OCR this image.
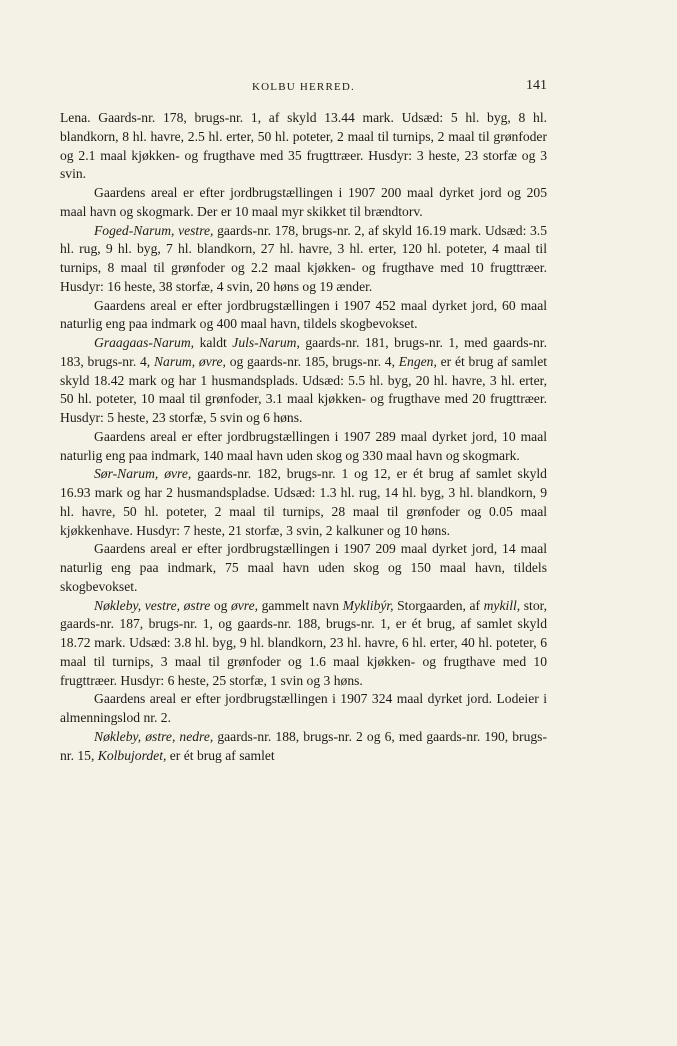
KOLBU HERRED.	141

Lena. Gaards-nr. 178, brugs-nr. 1, af skyld 13.44 mark. Udsæd: 5 hl. byg, 8 hl. blandkorn, 8 hl. havre, 2.5 hl. erter, 50 hl. poteter, 2 maal til turnips, 2 maal til grønfoder og 2.1 maal kjøkken- og frugthave med 35 frugttræer. Husdyr: 3 heste, 23 storfæ og 3 svin.

Gaardens areal er efter jordbrugstællingen i 1907 200 maal dyrket jord og 205 maal havn og skogmark. Der er 10 maal myr skikket til brændtorv.

Foged-Narum, vestre, gaards-nr. 178, brugs-nr. 2, af skyld 16.19 mark. Udsæd: 3.5 hl. rug, 9 hl. byg, 7 hl. blandkorn, 27 hl. havre, 3 hl. erter, 120 hl. poteter, 4 maal til turnips, 8 maal til grønfoder og 2.2 maal kjøkken- og frugthave med 10 frugttræer. Husdyr: 16 heste, 38 storfæ, 4 svin, 20 høns og 19 ænder.

Gaardens areal er efter jordbrugstællingen i 1907 452 maal dyrket jord, 60 maal naturlig eng paa indmark og 400 maal havn, tildels skogbevokset.

Graagaas-Narum, kaldt Juls-Narum, gaards-nr. 181, brugs-nr. 1, med gaards-nr. 183, brugs-nr. 4, Narum, øvre, og gaards-nr. 185, brugs-nr. 4, Engen, er ét brug af samlet skyld 18.42 mark og har 1 husmandsplads. Udsæd: 5.5 hl. byg, 20 hl. havre, 3 hl. erter, 50 hl. poteter, 10 maal til grønfoder, 3.1 maal kjøkken- og frugthave med 20 frugttræer. Husdyr: 5 heste, 23 storfæ, 5 svin og 6 høns.

Gaardens areal er efter jordbrugstællingen i 1907 289 maal dyrket jord, 10 maal naturlig eng paa indmark, 140 maal havn uden skog og 330 maal havn og skogmark.

Sør-Narum, øvre, gaards-nr. 182, brugs-nr. 1 og 12, er ét brug af samlet skyld 16.93 mark og har 2 husmandspladse. Udsæd: 1.3 hl. rug, 14 hl. byg, 3 hl. blandkorn, 9 hl. havre, 50 hl. poteter, 2 maal til turnips, 28 maal til grønfoder og 0.05 maal kjøkkenhave. Husdyr: 7 heste, 21 storfæ, 3 svin, 2 kalkuner og 10 høns.

Gaardens areal er efter jordbrugstællingen i 1907 209 maal dyrket jord, 14 maal naturlig eng paa indmark, 75 maal havn uden skog og 150 maal havn, tildels skogbevokset.

Nøkleby, vestre, østre og øvre, gammelt navn Myklibýr, Storgaarden, af mykill, stor, gaards-nr. 187, brugs-nr. 1, og gaards-nr. 188, brugs-nr. 1, er ét brug, af samlet skyld 18.72 mark. Udsæd: 3.8 hl. byg, 9 hl. blandkorn, 23 hl. havre, 6 hl. erter, 40 hl. poteter, 6 maal til turnips, 3 maal til grønfoder og 1.6 maal kjøkken- og frugthave med 10 frugttræer. Husdyr: 6 heste, 25 storfæ, 1 svin og 3 høns.

Gaardens areal er efter jordbrugstællingen i 1907 324 maal dyrket jord. Lodeier i almenningslod nr. 2.

Nøkleby, østre, nedre, gaards-nr. 188, brugs-nr. 2 og 6, med gaards-nr. 190, brugs-nr. 15, Kolbujordet, er ét brug af samlet
